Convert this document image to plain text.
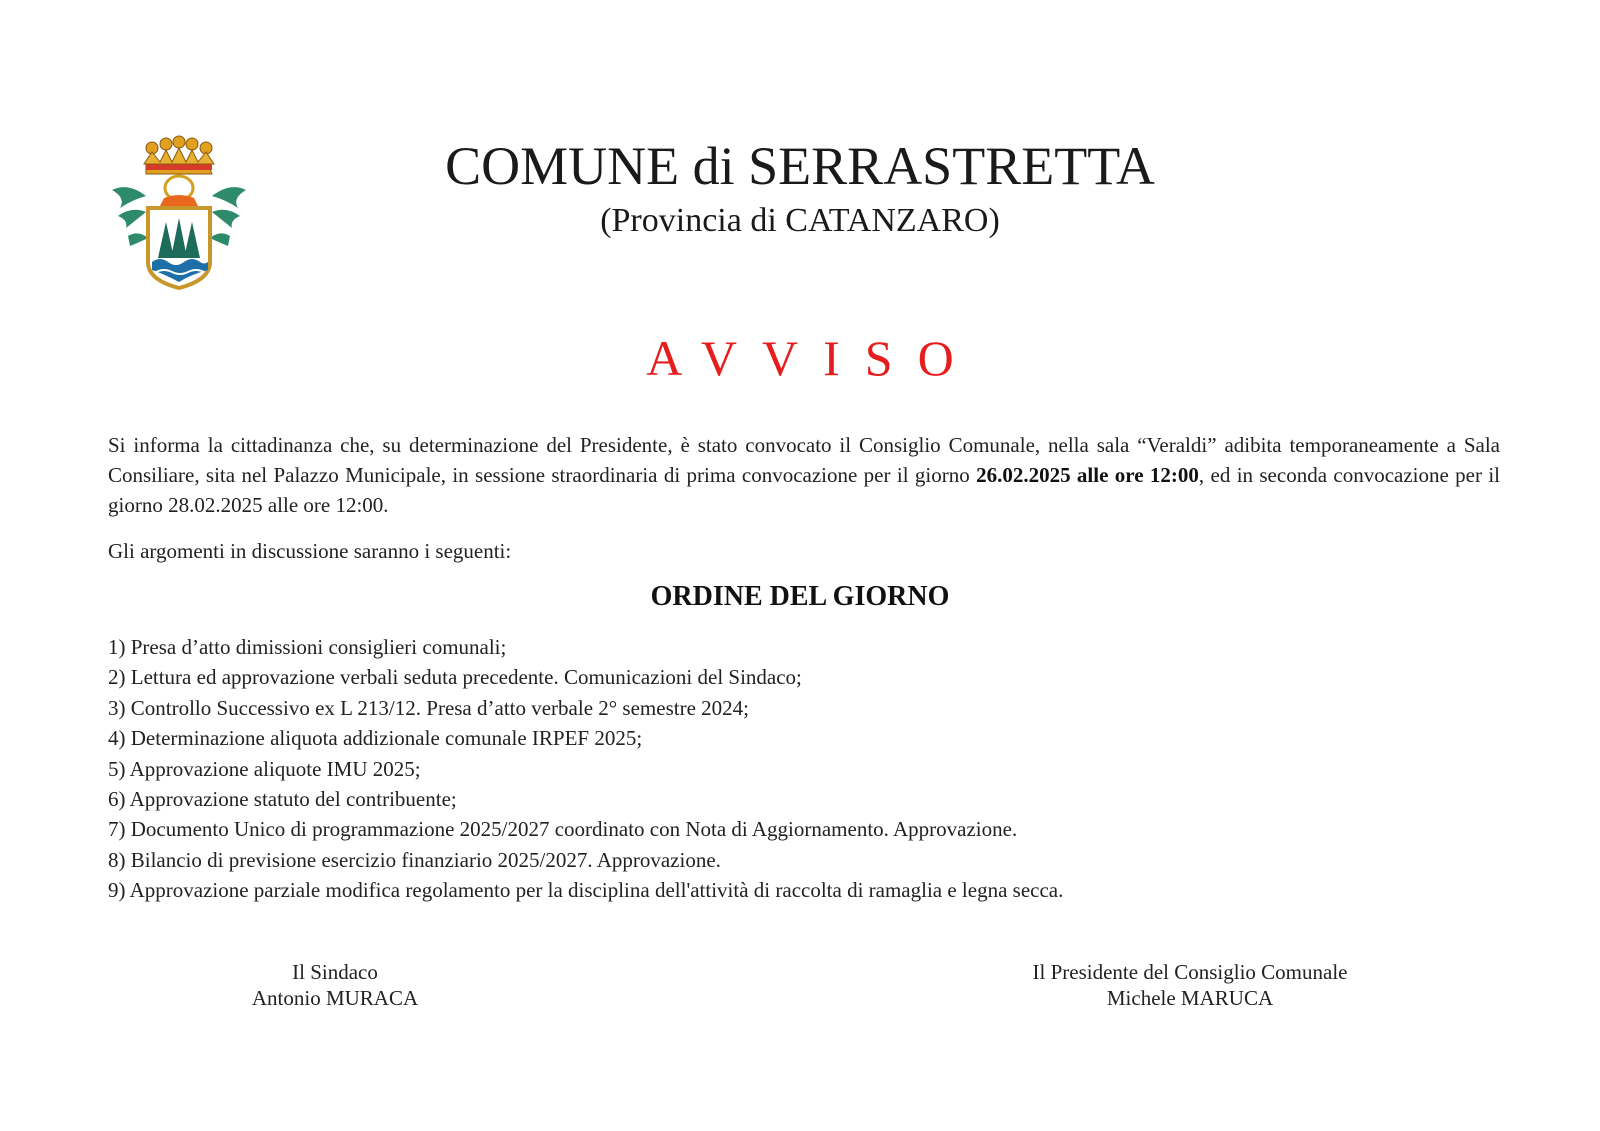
COMUNE di SERRASTRETTA
(Provincia di CATANZARO)
AVVISO

Si informa la cittadinanza che, su determinazione del Presidente, è stato convocato il Consiglio Comunale, nella sala “Veraldi” adibita temporaneamente a Sala Consiliare, sita nel Palazzo Municipale, in sessione straordinaria di prima convocazione per il giorno 26.02.2025 alle ore 12:00, ed in seconda convocazione per il giorno 28.02.2025 alle ore 12:00.

Gli argomenti in discussione saranno i seguenti:

ORDINE DEL GIORNO
1) Presa d’atto dimissioni consiglieri comunali;
2) Lettura ed approvazione verbali seduta precedente. Comunicazioni del Sindaco;
3) Controllo Successivo ex L 213/12. Presa d’atto verbale 2° semestre 2024;
4) Determinazione aliquota addizionale comunale IRPEF 2025;
5) Approvazione aliquote IMU 2025;
6) Approvazione statuto del contribuente;
7) Documento Unico di programmazione 2025/2027 coordinato con Nota di Aggiornamento. Approvazione.
8) Bilancio di previsione esercizio finanziario 2025/2027. Approvazione.
9) Approvazione parziale modifica regolamento per la disciplina dell'attività di raccolta di ramaglia e legna secca.
Il Sindaco
Antonio MURACA
Il Presidente del Consiglio Comunale
Michele MARUCA
